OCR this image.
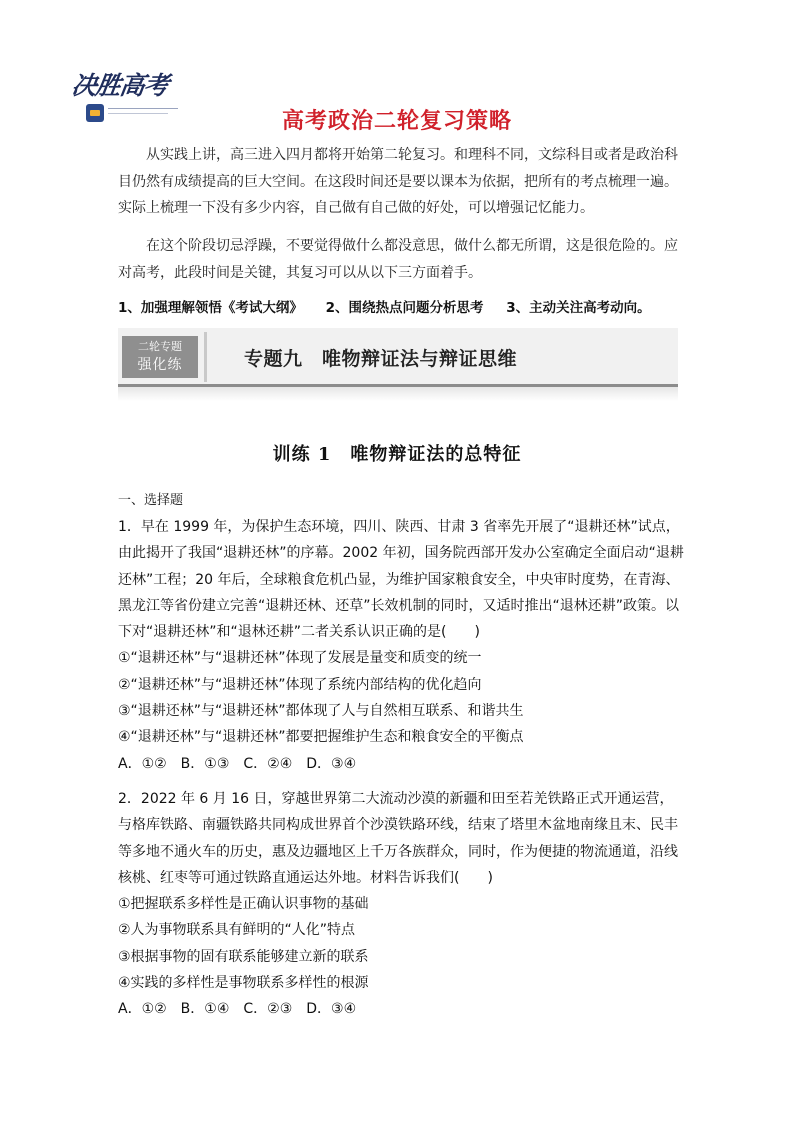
决胜高考
高考政治二轮复习策略
从实践上讲，高三进入四月都将开始第二轮复习。和理科不同，文综科目或者是政治科目仍然有成绩提高的巨大空间。在这段时间还是要以课本为依据，把所有的考点梳理一遍。实际上梳理一下没有多少内容，自己做有自己做的好处，可以增强记忆能力。
在这个阶段切忌浮躁，不要觉得做什么都没意思，做什么都无所谓，这是很危险的。应对高考，此段时间是关键，其复习可以从以下三方面着手。
1、加强理解领悟《考试大纲》 2、围绕热点问题分析思考 3、主动关注高考动向。
二轮专题
强化练	专题九　唯物辩证法与辩证思维
训练 1　唯物辩证法的总特征
一、选择题
1．早在 1999 年，为保护生态环境，四川、陕西、甘肃 3 省率先开展了“退耕还林”试点，由此揭开了我国“退耕还林”的序幕。2002 年初，国务院西部开发办公室确定全面启动“退耕还林”工程；20 年后，全球粮食危机凸显，为维护国家粮食安全，中央审时度势，在青海、黑龙江等省份建立完善“退耕还林、还草”长效机制的同时，又适时推出“退林还耕”政策。以下对“退耕还林”和“退林还耕”二者关系认识正确的是(　　)
①“退耕还林”与“退耕还林”体现了发展是量变和质变的统一
②“退耕还林”与“退耕还林”体现了系统内部结构的优化趋向
③“退耕还林”与“退耕还林”都体现了人与自然相互联系、和谐共生
④“退耕还林”与“退耕还林”都要把握维护生态和粮食安全的平衡点
A．①②　B．①③　C．②④　D．③④
2．2022 年 6 月 16 日，穿越世界第二大流动沙漠的新疆和田至若羌铁路正式开通运营，与格库铁路、南疆铁路共同构成世界首个沙漠铁路环线，结束了塔里木盆地南缘且末、民丰等多地不通火车的历史，惠及边疆地区上千万各族群众，同时，作为便捷的物流通道，沿线核桃、红枣等可通过铁路直通运达外地。材料告诉我们(　　)
①把握联系多样性是正确认识事物的基础
②人为事物联系具有鲜明的“人化”特点
③根据事物的固有联系能够建立新的联系
④实践的多样性是事物联系多样性的根源
A．①②　B．①④　C．②③　D．③④
